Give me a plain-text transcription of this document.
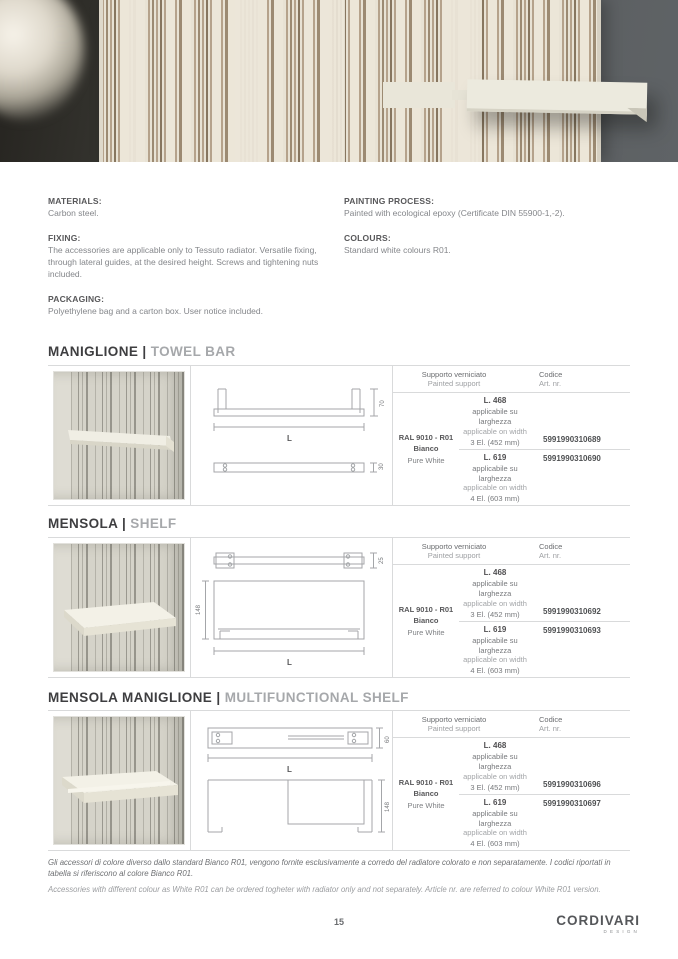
MATERIALS:
Carbon steel.
FIXING:
The accessories are applicable only to Tessuto radiator. Versatile fixing, through lateral guides, at the desired height. Screws and tightening nuts included.
PACKAGING:
Polyethylene bag and a carton box. User notice included.
PAINTING PROCESS:
Painted with ecological epoxy (Certificate DIN 55900-1,-2).
COLOURS:
Standard white colours R01.
MANIGLIONE | TOWEL BAR
L
70
30
Supporto verniciato
Painted support
Codice
Art. nr.
RAL 9010 - R01
Bianco
Pure White
L. 468
applicabile su larghezza
applicable on width
3 El. (452 mm)	5991990310689
L. 619
applicabile su larghezza
applicable on width
4 El. (603 mm)
5991990310690
MENSOLA | SHELF
25
148
L
Supporto verniciato
Painted support
Codice
Art. nr.
RAL 9010 - R01
Bianco
Pure White
L. 468
applicabile su larghezza
applicable on width
3 El. (452 mm)	5991990310692
L. 619
applicabile su larghezza
applicable on width
4 El. (603 mm)
5991990310693
MENSOLA MANIGLIONE | MULTIFUNCTIONAL SHELF
60
L
148
Supporto verniciato
Painted support
Codice
Art. nr.
RAL 9010 - R01
Bianco
Pure White
L. 468
applicabile su larghezza
applicable on width
3 El. (452 mm)	5991990310696
L. 619
applicabile su larghezza
applicable on width
4 El. (603 mm)
5991990310697
Gli accessori di colore diverso dallo standard Bianco R01, vengono fornite esclusivamente a corredo del radiatore colorato e non separatamente. I codici riportati in tabella si riferiscono al colore Bianco R01.
Accessories with different colour as White R01 can be ordered togheter with radiator only and not separately. Article nr. are referred to colour White R01 version.
15	CORDIVARI
DESIGN
